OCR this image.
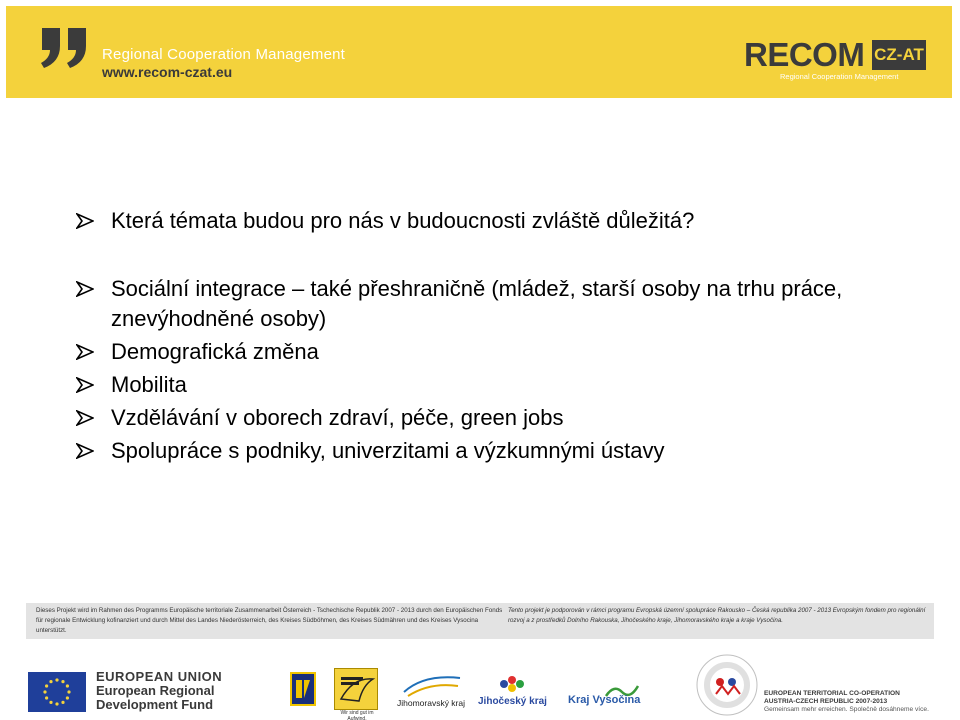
Regional Cooperation Management
www.recom-czat.eu	RECOM CZ-AT
Regional Cooperation Management
Která témata budou pro nás v budoucnosti zvláště důležitá?
Sociální integrace – také přeshraničně (mládež, starší osoby na trhu práce, znevýhodněné osoby)
Demografická změna
Mobilita
Vzdělávání v oborech zdraví, péče, green jobs
Spolupráce s podniky, univerzitami a výzkumnými ústavy
Dieses Projekt wird im Rahmen des Programms Europäische territoriale Zusammenarbeit Österreich - Tschechische Republik 2007 - 2013 durch den Europäischen Fonds für regionale Entwicklung kofinanziert und durch Mittel des Landes Niederösterreich, des Kreises Südböhmen, des Kreises Südmähren und des Kreises Vysocina unterstützt.
Tento projekt je podporován v rámci programu Evropská územní spolupráce Rakousko – Česká republika 2007 - 2013 Evropským fondem pro regionální rozvoj a z prostředků Dolního Rakouska, Jihočeského kraje, Jihomoravského kraje a kraje Vysočina.
EUROPEAN UNION
European Regional
Development Fund
Wir sind gut im Aufwind.
Jihomoravský kraj Jihočeský kraj Kraj Vysočina
EUROPEAN TERRITORIAL CO-OPERATION
AUSTRIA-CZECH REPUBLIC 2007-2013
Gemeinsam mehr erreichen. Společně dosáhneme více.
